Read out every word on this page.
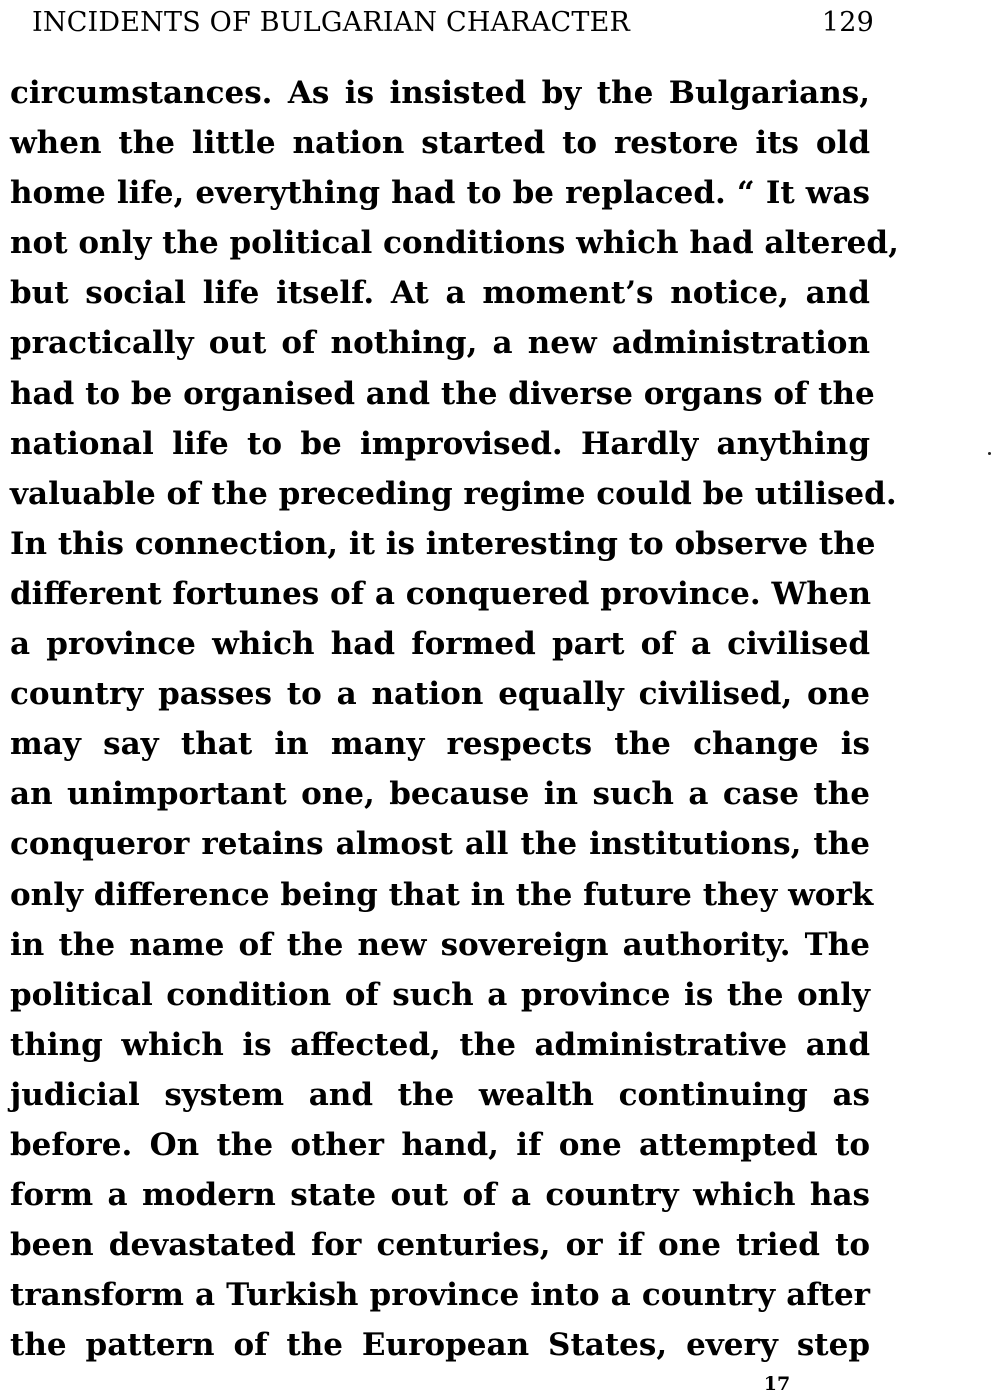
INCIDENTS OF BULGARIAN CHARACTER	129
circumstances. As is insisted by the Bulgarians,
when the little nation started to restore its old
home life, everything had to be replaced. “ It was
not only the political conditions which had altered,
but social life itself. At a moment’s notice, and
practically out of nothing, a new administration
had to be organised and the diverse organs of the
national life to be improvised. Hardly anything
valuable of the preceding regime could be utilised.
In this connection, it is interesting to observe the
different fortunes of a conquered province. When
a province which had formed part of a civilised
country passes to a nation equally civilised, one
may say that in many respects the change is
an unimportant one, because in such a case the
conqueror retains almost all the institutions, the
only difference being that in the future they work
in the name of the new sovereign authority. The
political condition of such a province is the only
thing which is affected, the administrative and
judicial system and the wealth continuing as
before. On the other hand, if one attempted to
form a modern state out of a country which has
been devastated for centuries, or if one tried to
transform a Turkish province into a country after
the pattern of the European States, every step
17
